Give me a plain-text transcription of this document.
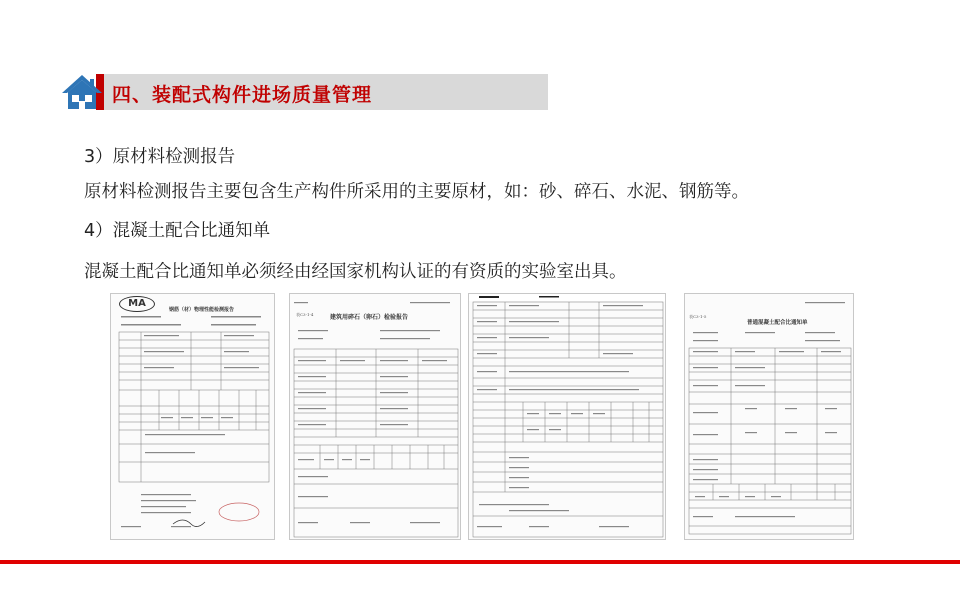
四、装配式构件进场质量管理
3）原材料检测报告
原材料检测报告主要包含生产构件所采用的主要原材，如：砂、碎石、水泥、钢筋等。
4）混凝土配合比通知单
混凝土配合比通知单必须经由经国家机构认证的有资质的实验室出具。
MA
钢筋（材）物理性能检测报告
表C3-1-4	建筑用碎石（卵石）检验报告	表C3-1-5
普通混凝土配合比通知单
